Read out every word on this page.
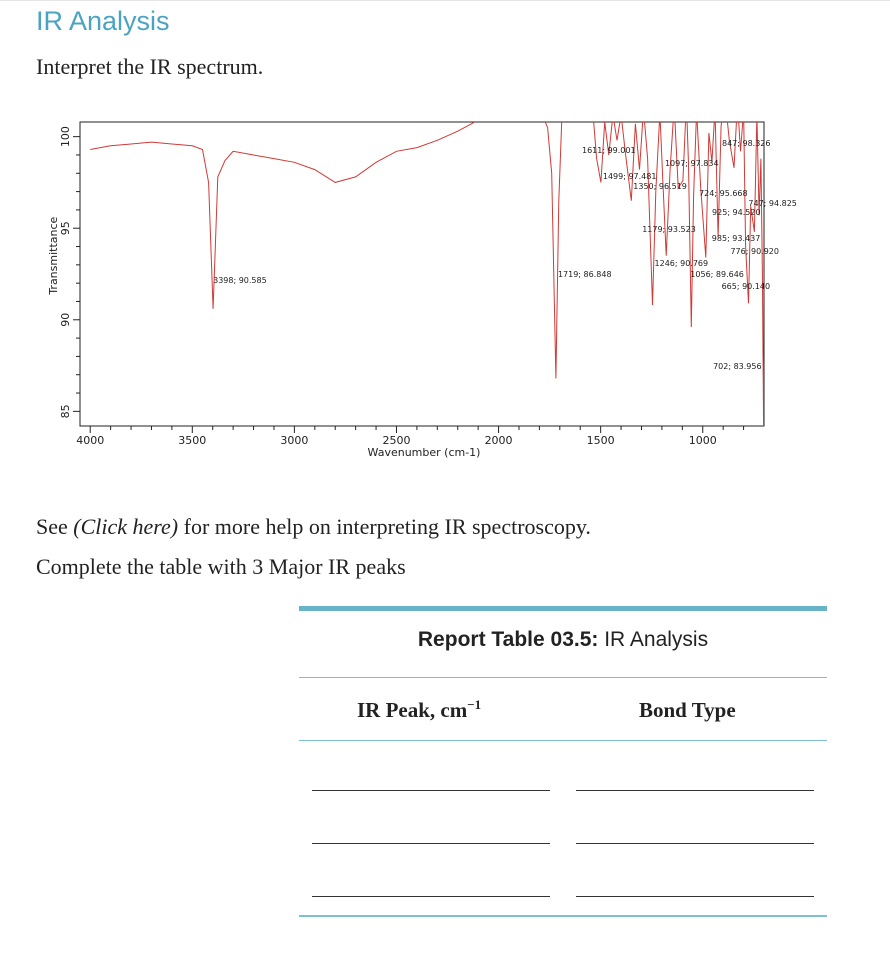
IR Analysis
Interpret the IR spectrum.
4000	3500	3000	2500	2000	1500	1000
85
90
95
100
Wavenumber (cm-1)
Transmittance	3398; 90.585
1719; 86.848
1611; 99.001
1499; 97.481
1097; 97.834
847; 98.326
1350; 96.519
724; 95.668
747; 94.825
925; 94.520
1179; 93.523
985; 93.437
776; 90.920
1246; 90.769
1056; 89.646
665; 90.140
702; 83.956
See (Click here) for more help on interpreting IR spectroscopy.
Complete the table with 3 Major IR peaks
Report Table 03.5: IR Analysis
IR Peak, $cm^{-1}$	Bond Type
